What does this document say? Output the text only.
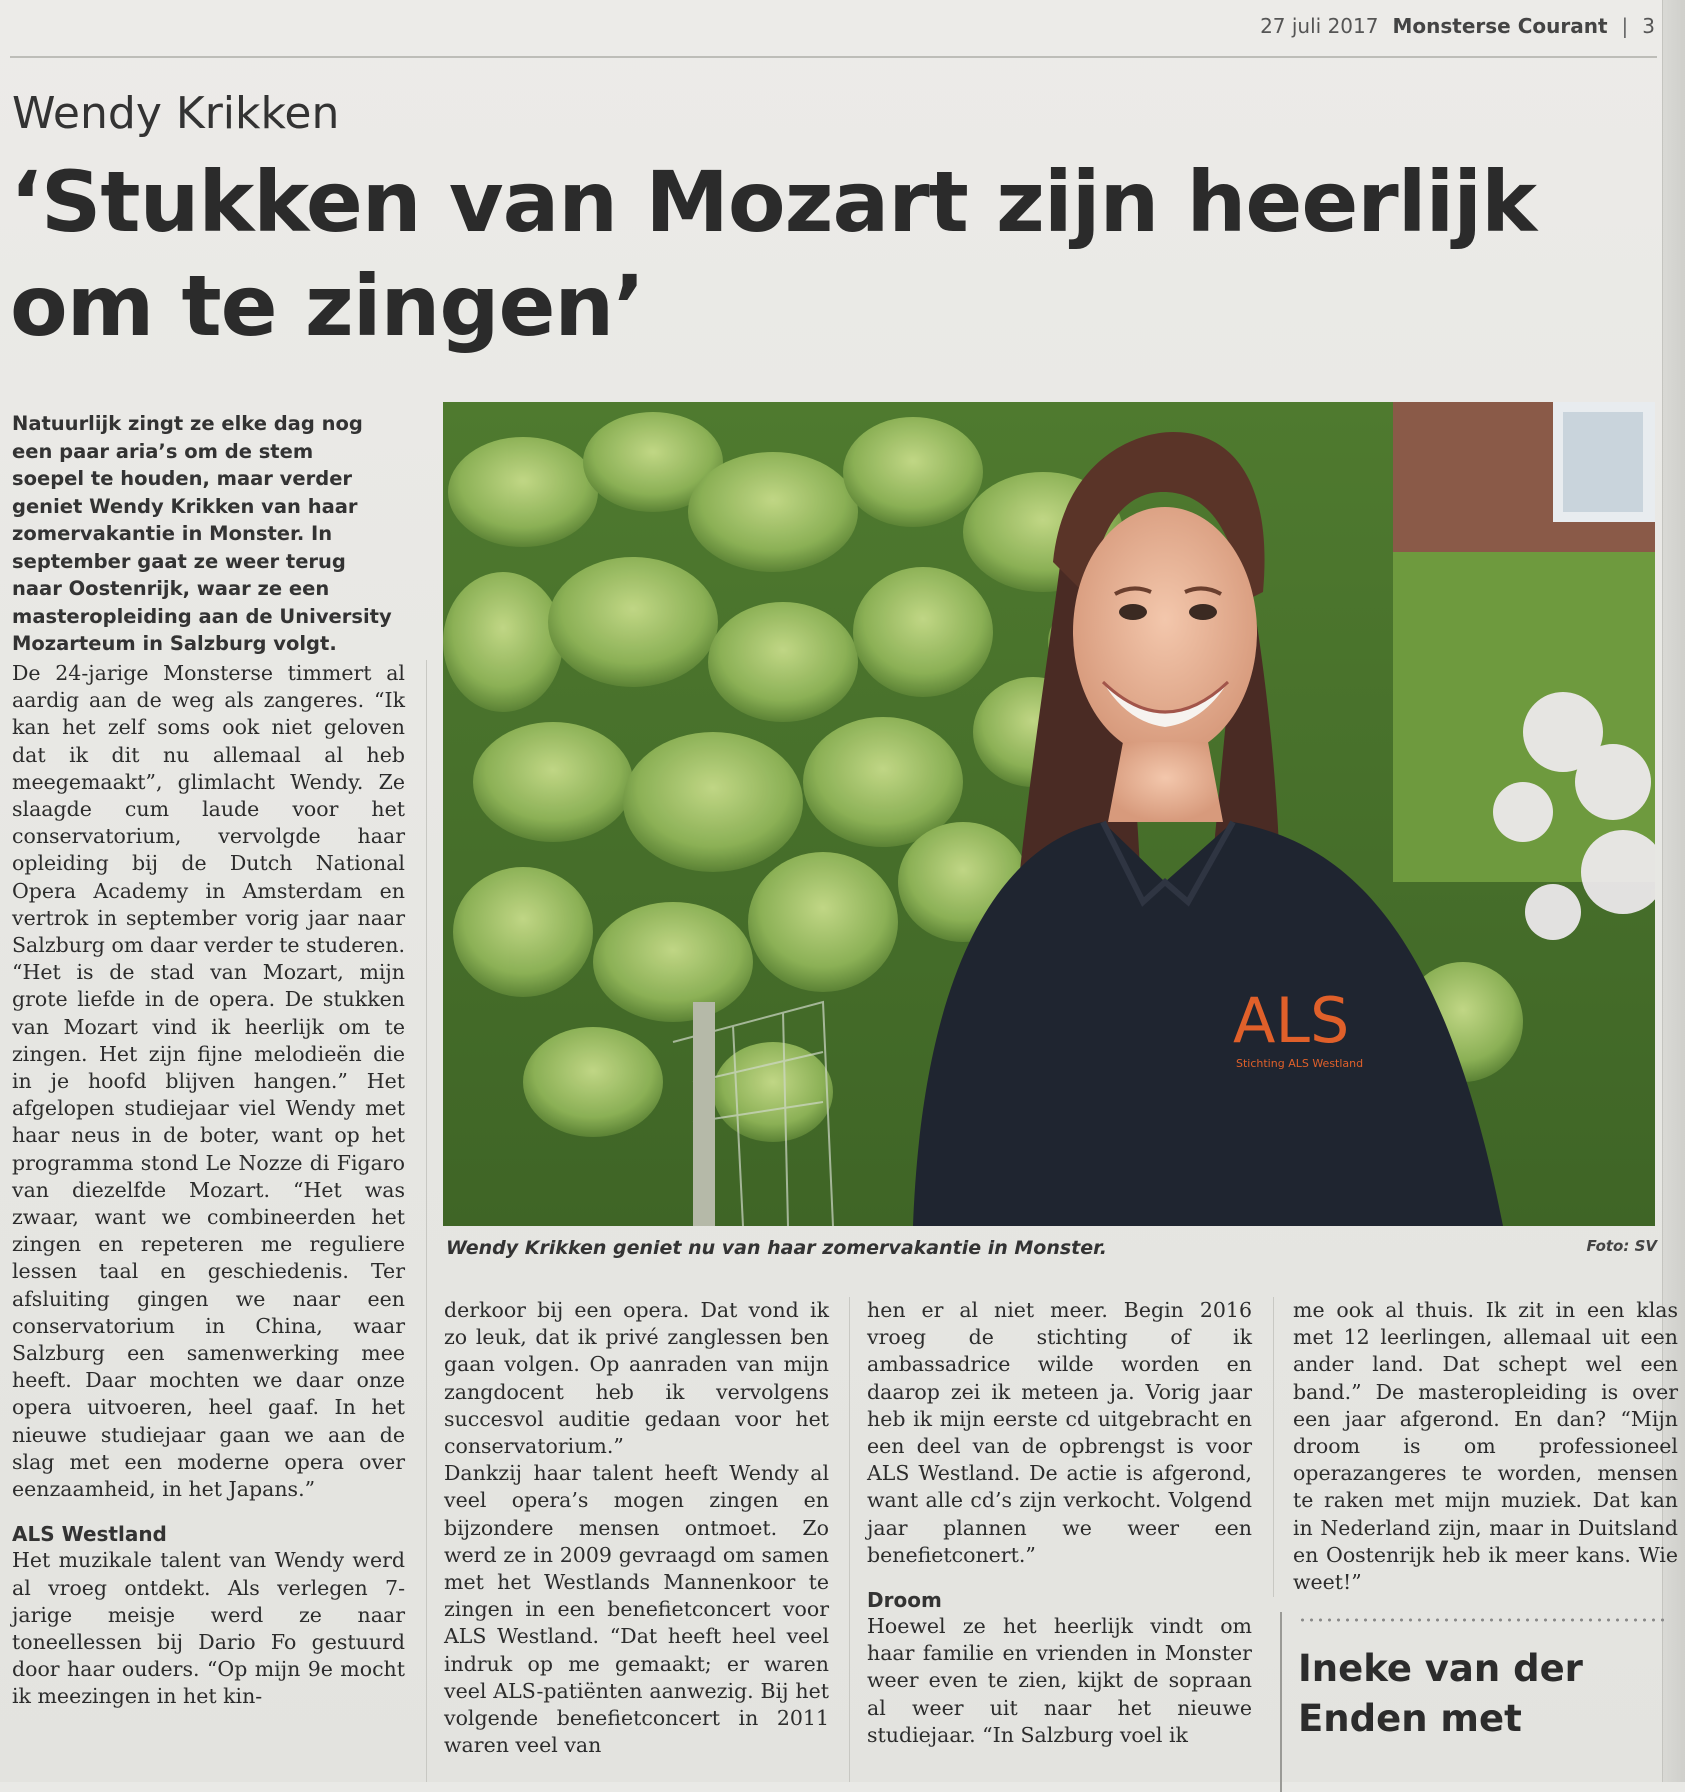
27 juli 2017 Monsterse Courant | 3
Wendy Krikken
‘Stukken van Mozart zijn heerlijk om te zingen’
Natuurlijk zingt ze elke dag nog een paar aria’s om de stem soepel te houden, maar verder geniet Wendy Krikken van haar zomervakantie in Monster. In september gaat ze weer terug naar Oostenrijk, waar ze een masteropleiding aan de University Mozarteum in Salzburg volgt.

De 24-jarige Monsterse timmert al aardig aan de weg als zangeres. “Ik kan het zelf soms ook niet geloven dat ik dit nu allemaal al heb meegemaakt”, glimlacht Wendy. Ze slaagde cum laude voor het conservatorium, vervolgde haar opleiding bij de Dutch National Opera Academy in Amsterdam en vertrok in september vorig jaar naar Salzburg om daar verder te studeren. “Het is de stad van Mozart, mijn grote liefde in de opera. De stukken van Mozart vind ik heerlijk om te zingen. Het zijn fijne melodieën die in je hoofd blijven hangen.” Het afgelopen studiejaar viel Wendy met haar neus in de boter, want op het programma stond Le Nozze di Figaro van diezelfde Mozart. “Het was zwaar, want we combineerden het zingen en repeteren me reguliere lessen taal en geschiedenis. Ter afsluiting gingen we naar een conservatorium in China, waar Salzburg een samenwerking mee heeft. Daar mochten we daar onze opera uitvoeren, heel gaaf. In het nieuwe studiejaar gaan we aan de slag met een moderne opera over eenzaamheid, in het Japans.”

ALS Westland

Het muzikale talent van Wendy werd al vroeg ontdekt. Als verlegen 7-jarige meisje werd ze naar toneellessen bij Dario Fo gestuurd door haar ouders. “Op mijn 9e mocht ik meezingen in het kin-

ALS
Stichting ALS Westland
Wendy Krikken geniet nu van haar zomervakantie in Monster.	Foto: SV

derkoor bij een opera. Dat vond ik zo leuk, dat ik privé zanglessen ben gaan volgen. Op aanraden van mijn zangdocent heb ik vervolgens succesvol auditie gedaan voor het conservatorium.”

Dankzij haar talent heeft Wendy al veel opera’s mogen zingen en bijzondere mensen ontmoet. Zo werd ze in 2009 gevraagd om samen met het Westlands Mannenkoor te zingen in een benefietconcert voor ALS Westland. “Dat heeft heel veel indruk op me gemaakt; er waren veel ALS-patiënten aanwezig. Bij het volgende benefietconcert in 2011 waren veel van

hen er al niet meer. Begin 2016 vroeg de stichting of ik ambassadrice wilde worden en daarop zei ik meteen ja. Vorig jaar heb ik mijn eerste cd uitgebracht en een deel van de opbrengst is voor ALS Westland. De actie is afgerond, want alle cd’s zijn verkocht. Volgend jaar plannen we weer een benefietconert.”

Droom

Hoewel ze het heerlijk vindt om haar familie en vrienden in Monster weer even te zien, kijkt de sopraan al weer uit naar het nieuwe studiejaar. “In Salzburg voel ik

me ook al thuis. Ik zit in een klas met 12 leerlingen, allemaal uit een ander land. Dat schept wel een band.” De masteropleiding is over een jaar afgerond. En dan? “Mijn droom is om professioneel operazangeres te worden, mensen te raken met mijn muziek. Dat kan in Nederland zijn, maar in Duitsland en Oostenrijk heb ik meer kans. Wie weet!”

Ineke van der Enden met
